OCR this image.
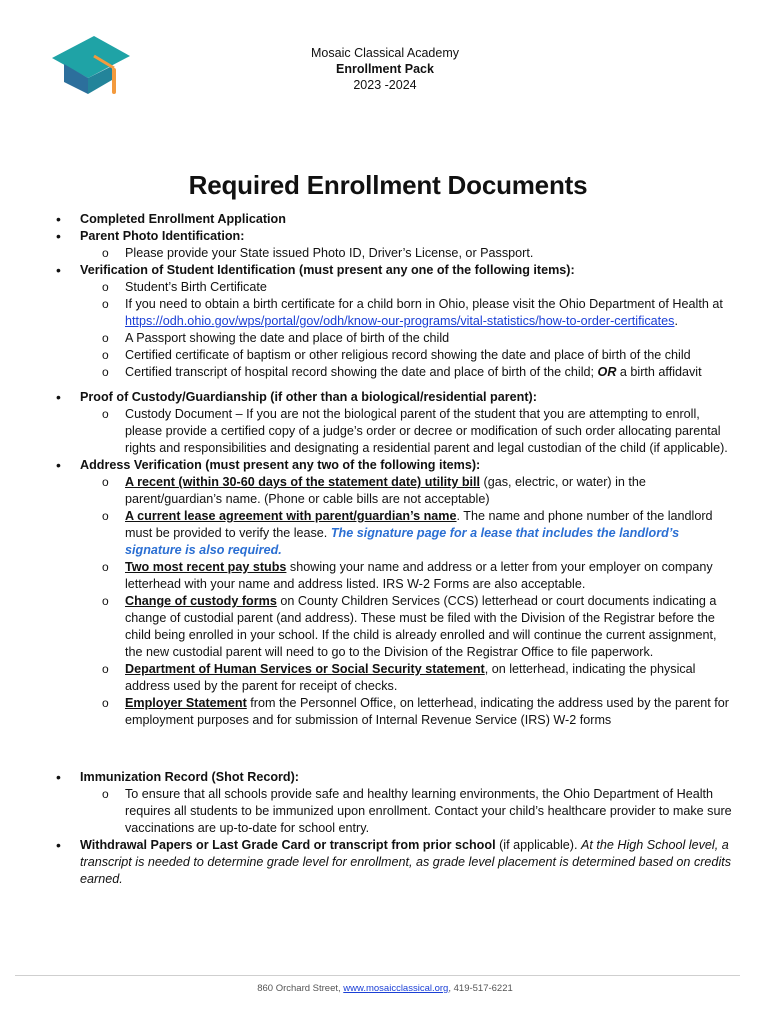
Mosaic Classical Academy
Enrollment Pack
2023 -2024
Required Enrollment Documents
• Completed Enrollment Application
• Parent Photo Identification:
o Please provide your State issued Photo ID, Driver’s License, or Passport.
• Verification of Student Identification (must present any one of the following items):
o Student’s Birth Certificate
o If you need to obtain a birth certificate for a child born in Ohio, please visit the Ohio Department of Health at https://odh.ohio.gov/wps/portal/gov/odh/know-our-programs/vital-statistics/how-to-order-certificates.
o A Passport showing the date and place of birth of the child
o Certified certificate of baptism or other religious record showing the date and place of birth of the child
o Certified transcript of hospital record showing the date and place of birth of the child; OR a birth affidavit
• Proof of Custody/Guardianship (if other than a biological/residential parent):
o Custody Document – If you are not the biological parent of the student that you are attempting to enroll, please provide a certified copy of a judge’s order or decree or modification of such order allocating parental rights and responsibilities and designating a residential parent and legal custodian of the child (if applicable).
• Address Verification (must present any two of the following items):
o A recent (within 30-60 days of the statement date) utility bill (gas, electric, or water) in the parent/guardian’s name. (Phone or cable bills are not acceptable)
o A current lease agreement with parent/guardian’s name. The name and phone number of the landlord must be provided to verify the lease. The signature page for a lease that includes the landlord’s signature is also required.
o Two most recent pay stubs showing your name and address or a letter from your employer on company letterhead with your name and address listed. IRS W-2 Forms are also acceptable.
o Change of custody forms on County Children Services (CCS) letterhead or court documents indicating a change of custodial parent (and address). These must be filed with the Division of the Registrar before the child being enrolled in your school. If the child is already enrolled and will continue the current assignment, the new custodial parent will need to go to the Division of the Registrar Office to file paperwork.
o Department of Human Services or Social Security statement, on letterhead, indicating the physical address used by the parent for receipt of checks.
o Employer Statement from the Personnel Office, on letterhead, indicating the address used by the parent for employment purposes and for submission of Internal Revenue Service (IRS) W-2 forms
• Immunization Record (Shot Record):
o To ensure that all schools provide safe and healthy learning environments, the Ohio Department of Health requires all students to be immunized upon enrollment. Contact your child’s healthcare provider to make sure vaccinations are up-to-date for school entry.
• Withdrawal Papers or Last Grade Card or transcript from prior school (if applicable). At the High School level, a transcript is needed to determine grade level for enrollment, as grade level placement is determined based on credits earned.
860 Orchard Street, www.mosaicclassical.org, 419-517-6221
